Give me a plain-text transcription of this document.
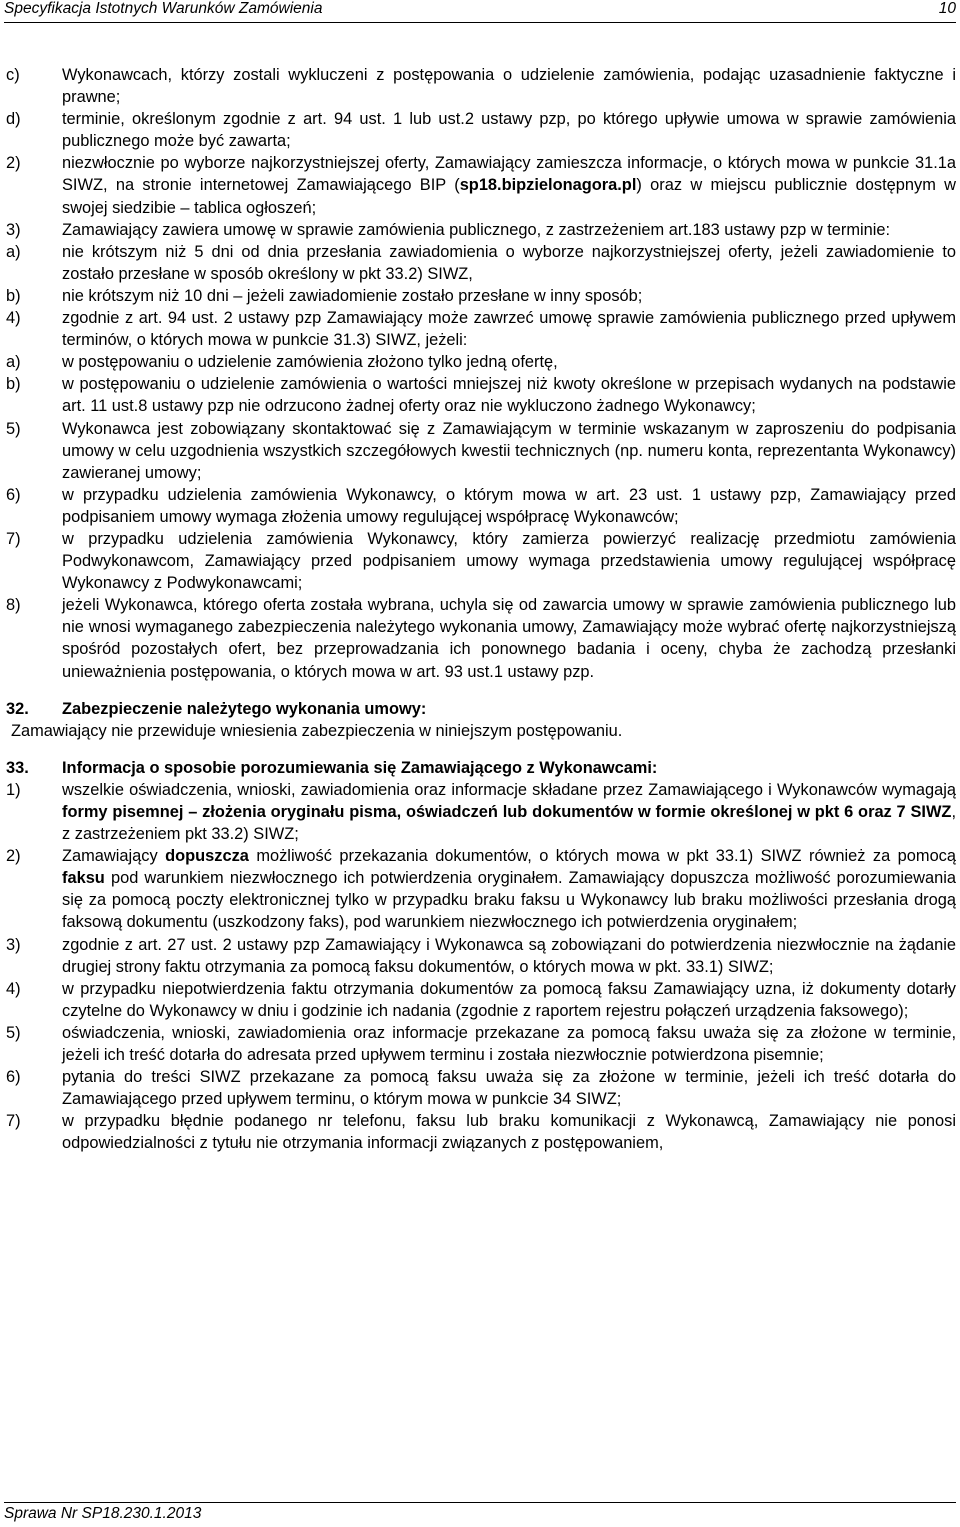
Specyfikacja Istotnych Warunków Zamówienia	10
c)	Wykonawcach, którzy zostali wykluczeni z postępowania o udzielenie zamówienia, podając uzasadnienie faktyczne i prawne;
d)	terminie, określonym zgodnie z art. 94 ust. 1 lub ust.2 ustawy pzp, po którego upływie umowa w sprawie zamówienia publicznego może być zawarta;
2)	niezwłocznie po wyborze najkorzystniejszej oferty, Zamawiający zamieszcza informacje, o których mowa w punkcie 31.1a SIWZ, na stronie internetowej Zamawiającego BIP (sp18.bipzielonagora.pl) oraz w miejscu publicznie dostępnym w swojej siedzibie – tablica ogłoszeń;
3)	Zamawiający zawiera umowę w sprawie zamówienia publicznego, z zastrzeżeniem art.183 ustawy pzp w terminie:
a)	nie krótszym niż 5 dni od dnia przesłania zawiadomienia o wyborze najkorzystniejszej oferty, jeżeli zawiadomienie to zostało przesłane w sposób określony w pkt 33.2) SIWZ,
b)	nie krótszym niż 10 dni – jeżeli zawiadomienie zostało przesłane w inny sposób;
4)	zgodnie z art. 94 ust. 2 ustawy pzp Zamawiający może zawrzeć umowę sprawie zamówienia publicznego przed upływem terminów, o których mowa w punkcie 31.3) SIWZ, jeżeli:
a)	w postępowaniu o udzielenie zamówienia złożono tylko jedną ofertę,
b)	w postępowaniu o udzielenie zamówienia o wartości mniejszej niż kwoty określone w przepisach wydanych na podstawie art. 11 ust.8 ustawy pzp nie odrzucono żadnej oferty oraz nie wykluczono żadnego Wykonawcy;
5)	Wykonawca jest zobowiązany skontaktować się z Zamawiającym w terminie wskazanym w zaproszeniu do podpisania umowy w celu uzgodnienia wszystkich szczegółowych kwestii technicznych (np. numeru konta, reprezentanta Wykonawcy) zawieranej umowy;
6)	w przypadku udzielenia zamówienia Wykonawcy, o którym mowa w art. 23 ust. 1 ustawy pzp, Zamawiający przed podpisaniem umowy wymaga złożenia umowy regulującej współpracę Wykonawców;
7)	w przypadku udzielenia zamówienia Wykonawcy, który zamierza powierzyć realizację przedmiotu zamówienia Podwykonawcom, Zamawiający przed podpisaniem umowy wymaga przedstawienia umowy regulującej współpracę Wykonawcy z Podwykonawcami;
8)	jeżeli Wykonawca, którego oferta została wybrana, uchyla się od zawarcia umowy w sprawie zamówienia publicznego lub nie wnosi wymaganego zabezpieczenia należytego wykonania umowy, Zamawiający może wybrać ofertę najkorzystniejszą spośród pozostałych ofert, bez przeprowadzania ich ponownego badania i oceny, chyba że zachodzą przesłanki unieważnienia postępowania, o których mowa w art. 93 ust.1 ustawy pzp.
32. Zabezpieczenie należytego wykonania umowy:
Zamawiający nie przewiduje wniesienia zabezpieczenia w niniejszym postępowaniu.
33. Informacja o sposobie porozumiewania się Zamawiającego z Wykonawcami:
1)	wszelkie oświadczenia, wnioski, zawiadomienia oraz informacje składane przez Zamawiającego i Wykonawców wymagają formy pisemnej – złożenia oryginału pisma, oświadczeń lub dokumentów w formie określonej w pkt 6 oraz 7 SIWZ, z zastrzeżeniem pkt 33.2) SIWZ;
2)	Zamawiający dopuszcza możliwość przekazania dokumentów, o których mowa w pkt 33.1) SIWZ również za pomocą faksu pod warunkiem niezwłocznego ich potwierdzenia oryginałem. Zamawiający dopuszcza możliwość porozumiewania się za pomocą poczty elektronicznej tylko w przypadku braku faksu u Wykonawcy lub braku możliwości przesłania drogą faksową dokumentu (uszkodzony faks), pod warunkiem niezwłocznego ich potwierdzenia oryginałem;
3)	zgodnie z art. 27 ust. 2 ustawy pzp Zamawiający i Wykonawca są zobowiązani do potwierdzenia niezwłocznie na żądanie drugiej strony faktu otrzymania za pomocą faksu dokumentów, o których mowa w pkt. 33.1) SIWZ;
4)	w przypadku niepotwierdzenia faktu otrzymania dokumentów za pomocą faksu Zamawiający uzna, iż dokumenty dotarły czytelne do Wykonawcy w dniu i godzinie ich nadania (zgodnie z raportem rejestru połączeń urządzenia faksowego);
5)	oświadczenia, wnioski, zawiadomienia oraz informacje przekazane za pomocą faksu uważa się za złożone w terminie, jeżeli ich treść dotarła do adresata przed upływem terminu i została niezwłocznie potwierdzona pisemnie;
6)	pytania do treści SIWZ przekazane za pomocą faksu uważa się za złożone w terminie, jeżeli ich treść dotarła do Zamawiającego przed upływem terminu, o którym mowa w punkcie 34 SIWZ;
7)	w przypadku błędnie podanego nr telefonu, faksu lub braku komunikacji z Wykonawcą, Zamawiający nie ponosi odpowiedzialności z tytułu nie otrzymania informacji związanych z postępowaniem,
Sprawa Nr SP18.230.1.2013
